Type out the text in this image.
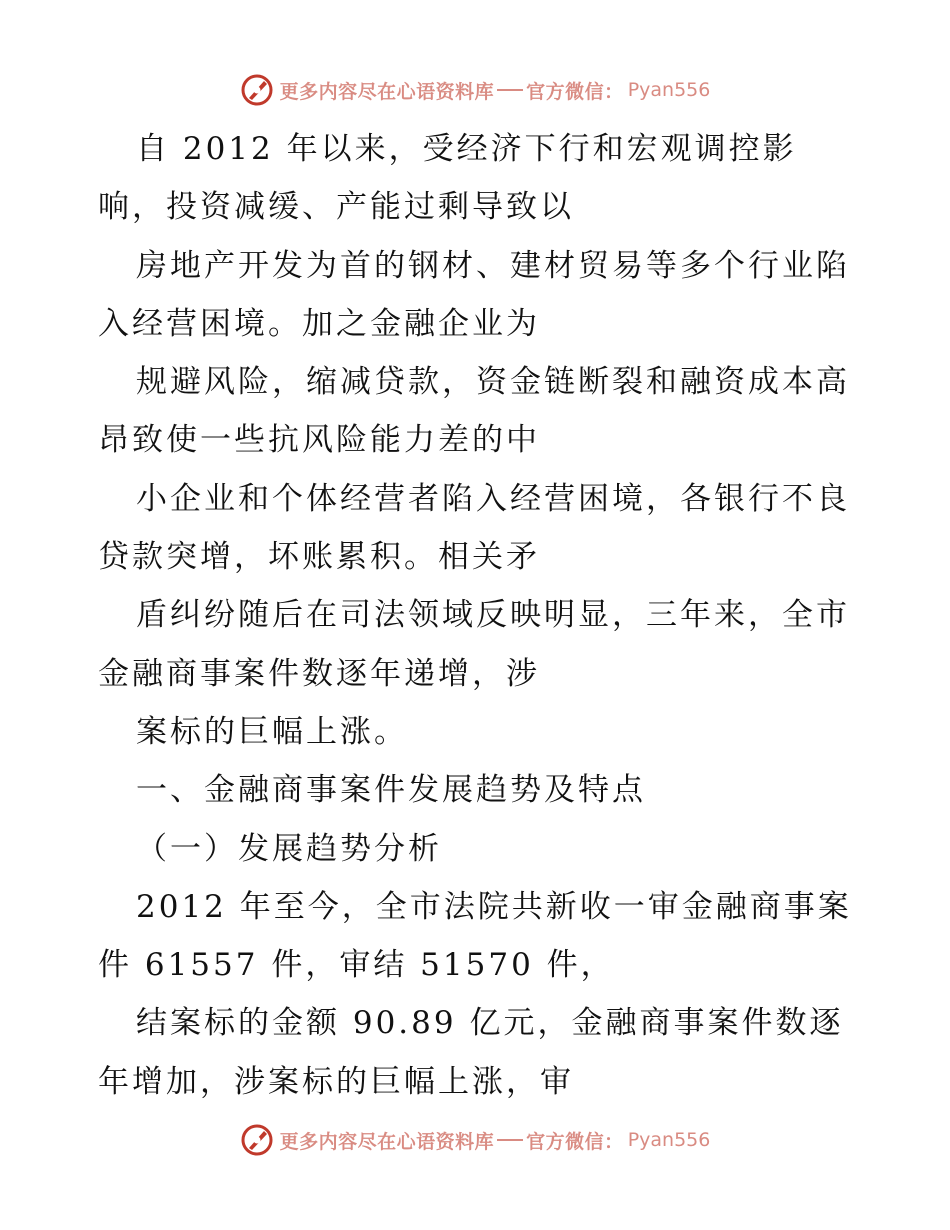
更多内容尽在心语资料库 官方微信： Pyan556

自 2012 年以来，受经济下行和宏观调控影响，投资减缓、产能过剩导致以

房地产开发为首的钢材、建材贸易等多个行业陷入经营困境。加之金融企业为

规避风险，缩减贷款，资金链断裂和融资成本高昂致使一些抗风险能力差的中

小企业和个体经营者陷入经营困境，各银行不良贷款突增，坏账累积。相关矛

盾纠纷随后在司法领域反映明显，三年来，全市金融商事案件数逐年递增，涉

案标的巨幅上涨。

一、金融商事案件发展趋势及特点

（一）发展趋势分析

2012 年至今，全市法院共新收一审金融商事案件 61557 件，审结 51570 件，

结案标的金额 90.89 亿元，金融商事案件数逐年增加，涉案标的巨幅上涨，审

更多内容尽在心语资料库 官方微信： Pyan556
